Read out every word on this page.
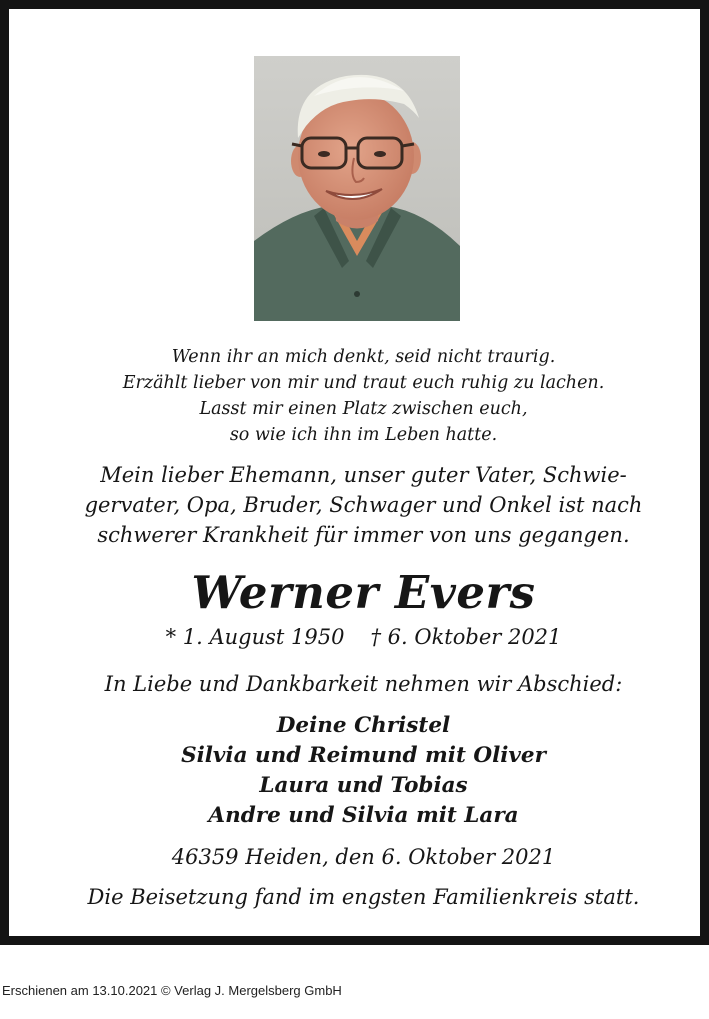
Wenn ihr an mich denkt, seid nicht traurig.
Erzählt lieber von mir und traut euch ruhig zu lachen.
Lasst mir einen Platz zwischen euch,
so wie ich ihn im Leben hatte.
Mein lieber Ehemann, unser guter Vater, Schwie-
gervater, Opa, Bruder, Schwager und Onkel ist nach
schwerer Krankheit für immer von uns gegangen.
Werner Evers
* 1. August 1950 † 6. Oktober 2021
In Liebe und Dankbarkeit nehmen wir Abschied:
Deine Christel
Silvia und Reimund mit Oliver
Laura und Tobias
Andre und Silvia mit Lara
46359 Heiden, den 6. Oktober 2021
Die Beisetzung fand im engsten Familienkreis statt.
Erschienen am 13.10.2021 © Verlag J. Mergelsberg GmbH
